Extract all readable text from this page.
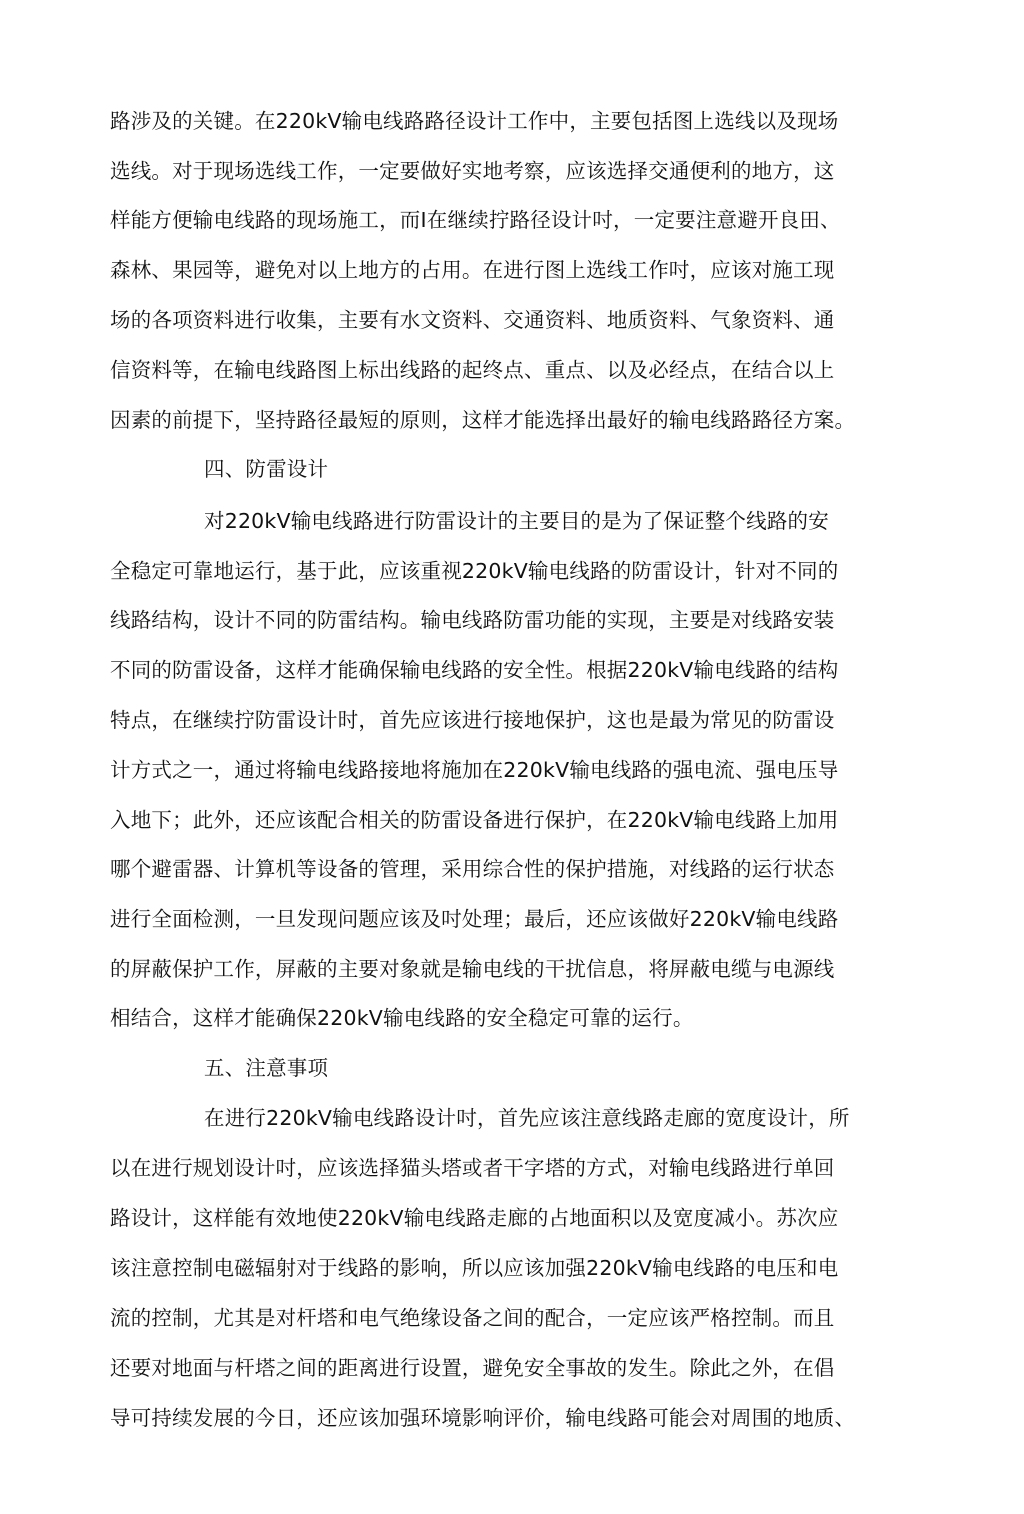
路涉及的关键。在220kV输电线路路径设计工作中，主要包括图上选线以及现场

选线。对于现场选线工作，一定要做好实地考察，应该选择交通便利的地方，这

样能方便输电线路的现场施工，而I在继续拧路径设计吋，一定要注意避开良田、

森林、果园等，避免对以上地方的占用。在进行图上选线工作吋，应该对施工现

场的各项资料进行收集，主要有水文资料、交通资料、地质资料、气象资料、通

信资料等，在输电线路图上标出线路的起终点、重点、以及必经点，在结合以上

因素的前提下，坚持路径最短的原则，这样才能选择出最好的输电线路路径方案。

四、防雷设计

对220kV输电线路进行防雷设计的主要目的是为了保证整个线路的安

全稳定可靠地运行，基于此，应该重视220kV输电线路的防雷设计，针对不同的

线路结构，设计不同的防雷结构。输电线路防雷功能的实现，主要是对线路安装

不同的防雷设备，这样才能确保输电线路的安全性。根据220kV输电线路的结构

特点，在继续拧防雷设计时，首先应该进行接地保护，这也是最为常见的防雷设

计方式之一，通过将输电线路接地将施加在220kV输电线路的强电流、强电压导

入地下；此外，还应该配合相关的防雷设备进行保护，在220kV输电线路上加用

哪个避雷器、计算机等设备的管理，采用综合性的保护措施，对线路的运行状态

进行全面检测，一旦发现问题应该及吋处理；最后，还应该做好220kV输电线路

的屏蔽保护工作，屏蔽的主要对象就是输电线的干扰信息，将屏蔽电缆与电源线

相结合，这样才能确保220kV输电线路的安全稳定可靠的运行。

五、注意事项

在进行220kV输电线路设计吋，首先应该注意线路走廊的宽度设计，所

以在进行规划设计吋，应该选择猫头塔或者干字塔的方式，对输电线路进行单回

路设计，这样能有效地使220kV输电线路走廊的占地面积以及宽度减小。苏次应

该注意控制电磁辐射对于线路的影响，所以应该加强220kV输电线路的电压和电

流的控制，尤其是对杆塔和电气绝缘设备之间的配合，一定应该严格控制。而且

还要对地面与杆塔之间的距离进行设置，避免安全事故的发生。除此之外，在倡

导可持续发展的今日，还应该加强环境影响评价，输电线路可能会对周围的地质、
